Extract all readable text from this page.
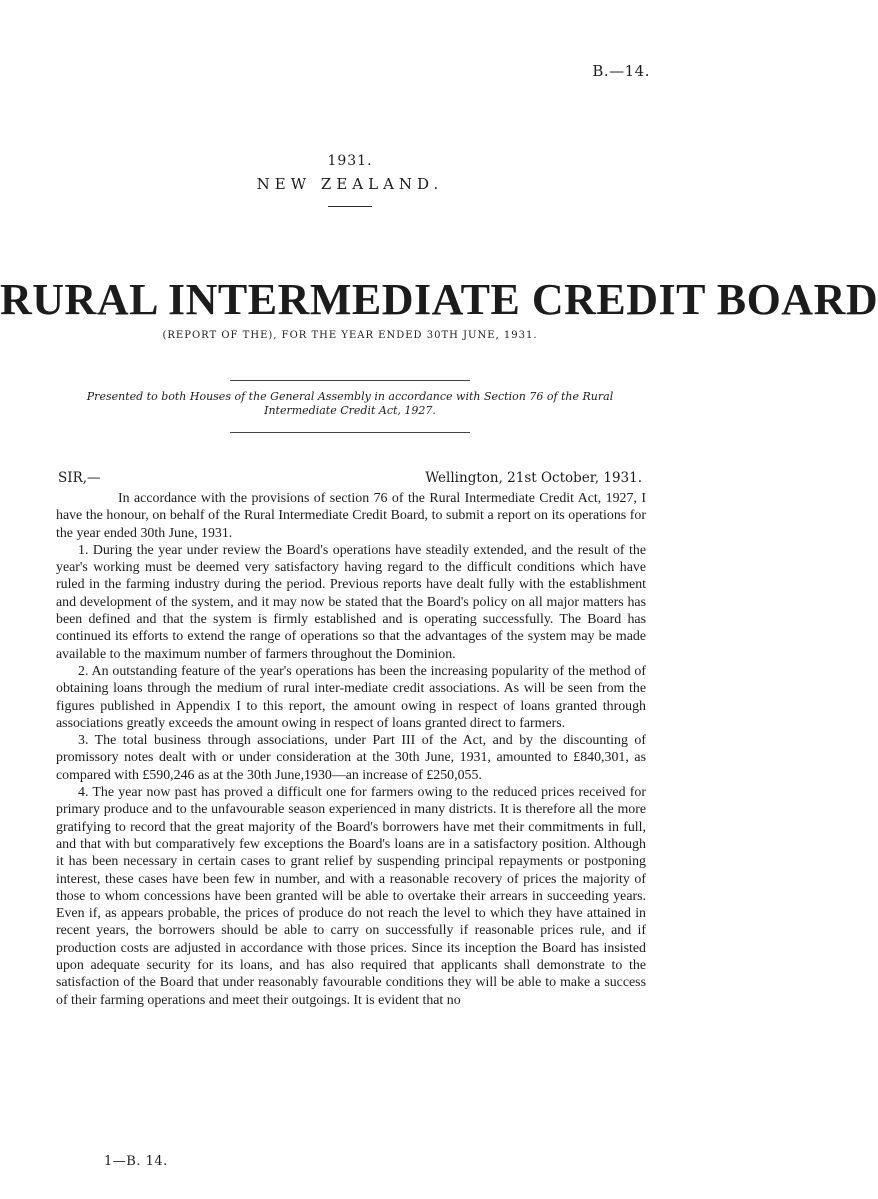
B.—14.
1931.
NEW ZEALAND.
RURAL INTERMEDIATE CREDIT BOARD
(REPORT OF THE), FOR THE YEAR ENDED 30TH JUNE, 1931.
Presented to both Houses of the General Assembly in accordance with Section 76 of the Rural Intermediate Credit Act, 1927.
SIR,—	Wellington, 21st October, 1931.

In accordance with the provisions of section 76 of the Rural Intermediate Credit Act, 1927, I have the honour, on behalf of the Rural Intermediate Credit Board, to submit a report on its operations for the year ended 30th June, 1931.

1. During the year under review the Board's operations have steadily extended, and the result of the year's working must be deemed very satisfactory having regard to the difficult conditions which have ruled in the farming industry during the period. Previous reports have dealt fully with the establishment and development of the system, and it may now be stated that the Board's policy on all major matters has been defined and that the system is firmly established and is operating successfully. The Board has continued its efforts to extend the range of operations so that the advantages of the system may be made available to the maximum number of farmers throughout the Dominion.

2. An outstanding feature of the year's operations has been the increasing popularity of the method of obtaining loans through the medium of rural inter-mediate credit associations. As will be seen from the figures published in Appendix I to this report, the amount owing in respect of loans granted through associations greatly exceeds the amount owing in respect of loans granted direct to farmers.

3. The total business through associations, under Part III of the Act, and by the discounting of promissory notes dealt with or under consideration at the 30th June, 1931, amounted to £840,301, as compared with £590,246 as at the 30th June,1930—an increase of £250,055.

4. The year now past has proved a difficult one for farmers owing to the reduced prices received for primary produce and to the unfavourable season experienced in many districts. It is therefore all the more gratifying to record that the great majority of the Board's borrowers have met their commitments in full, and that with but comparatively few exceptions the Board's loans are in a satisfactory position. Although it has been necessary in certain cases to grant relief by suspending principal repayments or postponing interest, these cases have been few in number, and with a reasonable recovery of prices the majority of those to whom concessions have been granted will be able to overtake their arrears in succeeding years. Even if, as appears probable, the prices of produce do not reach the level to which they have attained in recent years, the borrowers should be able to carry on successfully if reasonable prices rule, and if production costs are adjusted in accordance with those prices. Since its inception the Board has insisted upon adequate security for its loans, and has also required that applicants shall demonstrate to the satisfaction of the Board that under reasonably favourable conditions they will be able to make a success of their farming operations and meet their outgoings. It is evident that no

1—B. 14.
